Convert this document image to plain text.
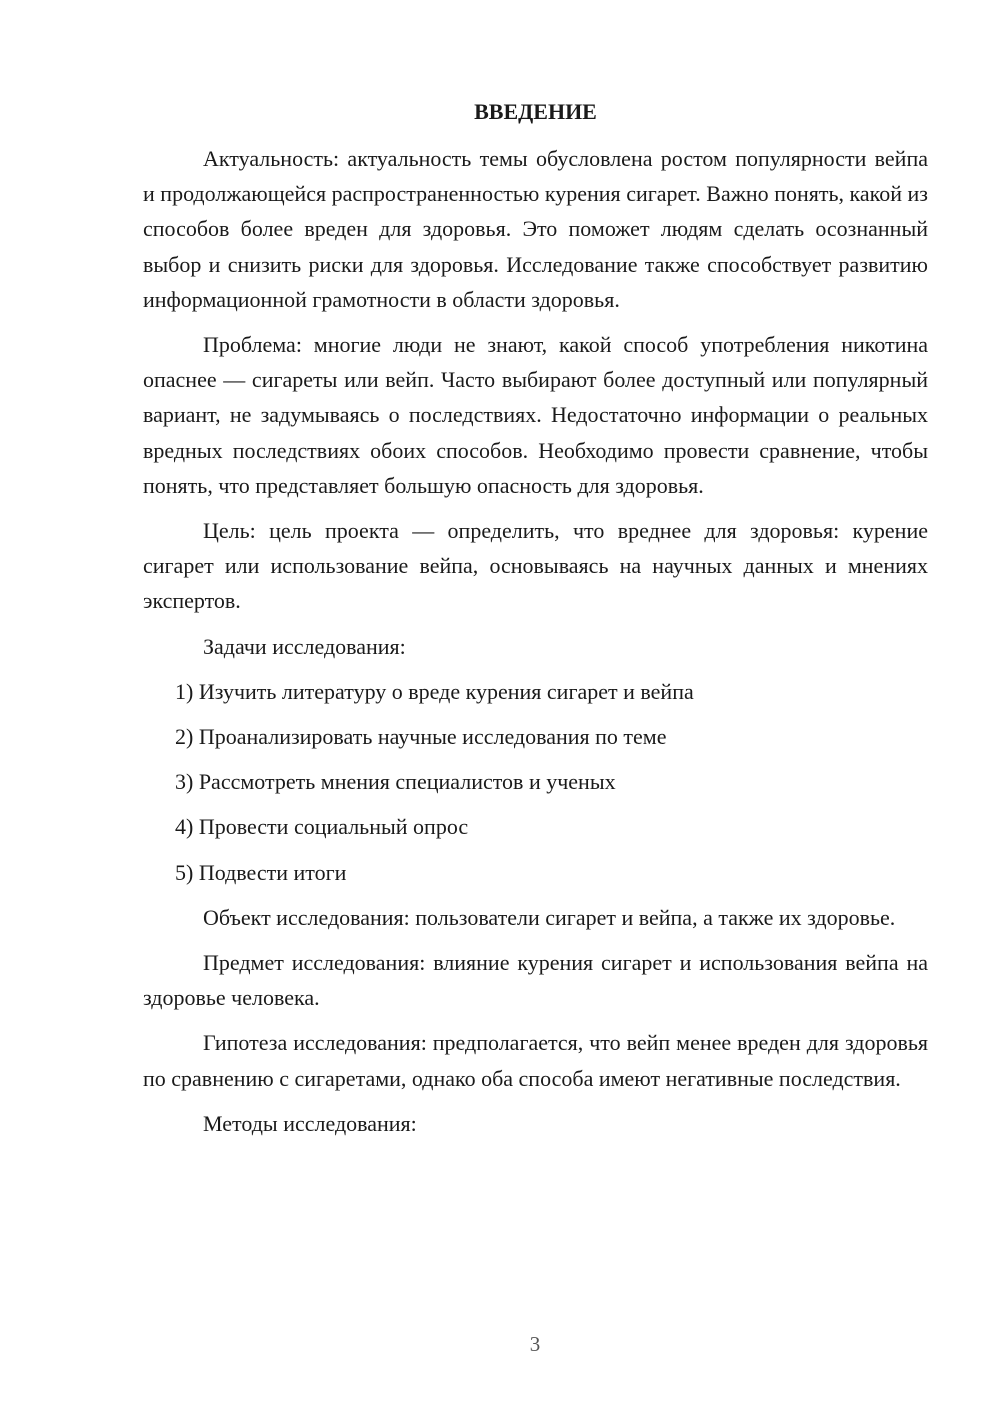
ВВЕДЕНИЕ

Актуальность: актуальность темы обусловлена ростом популярности вейпа и продолжающейся распространенностью курения сигарет. Важно понять, какой из способов более вреден для здоровья. Это поможет людям сделать осознанный выбор и снизить риски для здоровья. Исследование также способствует развитию информационной грамотности в области здоровья.

Проблема: многие люди не знают, какой способ употребления никотина опаснее — сигареты или вейп. Часто выбирают более доступный или популярный вариант, не задумываясь о последствиях. Недостаточно информации о реальных вредных последствиях обоих способов. Необходимо провести сравнение, чтобы понять, что представляет большую опасность для здоровья.

Цель: цель проекта — определить, что вреднее для здоровья: курение сигарет или использование вейпа, основываясь на научных данных и мнениях экспертов.

Задачи исследования:

1) Изучить литературу о вреде курения сигарет и вейпа
2) Проанализировать научные исследования по теме
3) Рассмотреть мнения специалистов и ученых
4) Провести социальный опрос
5) Подвести итоги

Объект исследования: пользователи сигарет и вейпа, а также их здоровье.

Предмет исследования: влияние курения сигарет и использования вейпа на здоровье человека.

Гипотеза исследования: предполагается, что вейп менее вреден для здоровья по сравнению с сигаретами, однако оба способа имеют негативные последствия.

Методы исследования:

3
